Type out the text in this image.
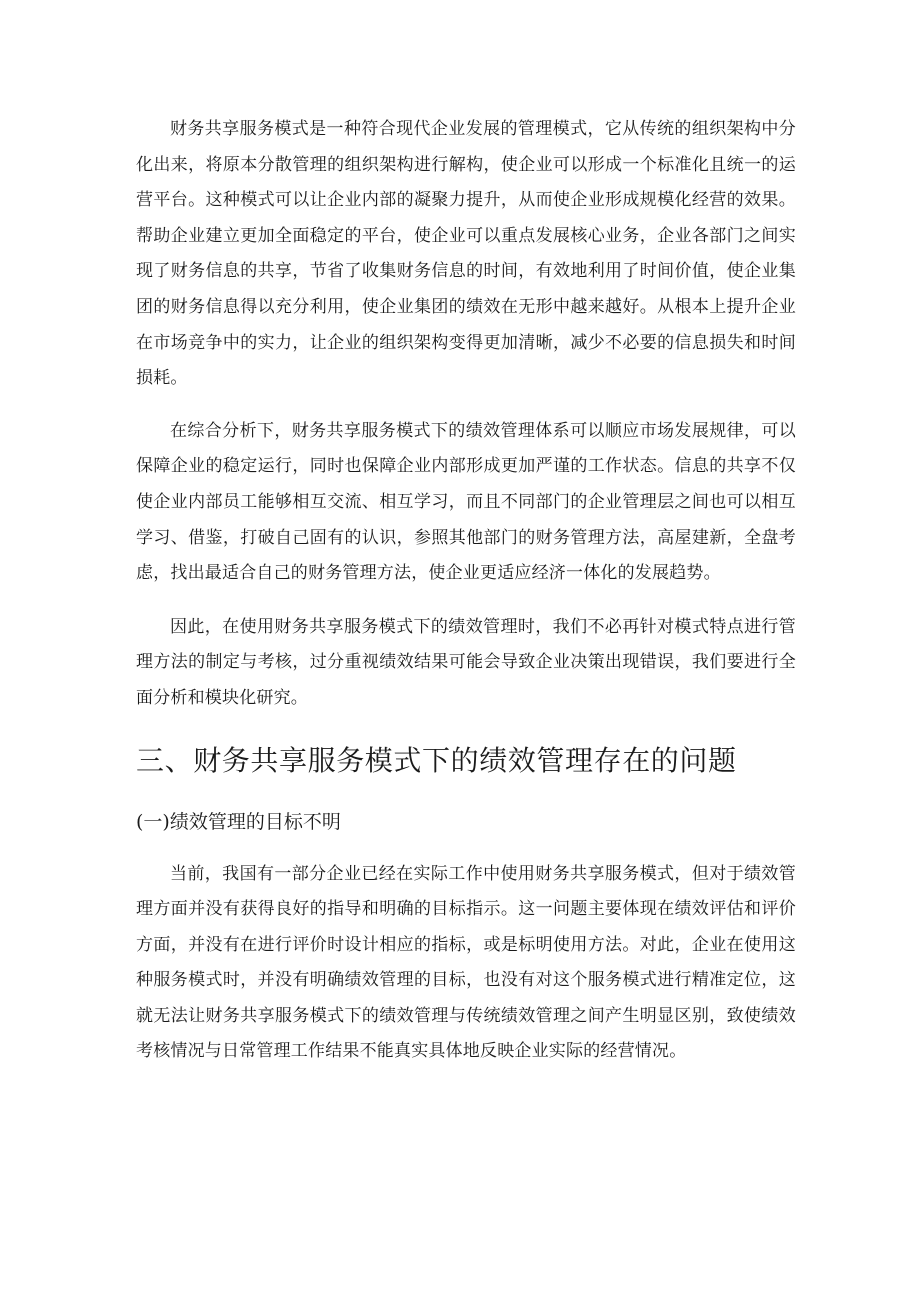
财务共享服务模式是一种符合现代企业发展的管理模式，它从传统的组织架构中分化出来，将原本分散管理的组织架构进行解构，使企业可以形成一个标准化且统一的运营平台。这种模式可以让企业内部的凝聚力提升，从而使企业形成规模化经营的效果。帮助企业建立更加全面稳定的平台，使企业可以重点发展核心业务，企业各部门之间实现了财务信息的共享，节省了收集财务信息的时间，有效地利用了时间价值，使企业集团的财务信息得以充分利用，使企业集团的绩效在无形中越来越好。从根本上提升企业在市场竞争中的实力，让企业的组织架构变得更加清晰，减少不必要的信息损失和时间损耗。

在综合分析下，财务共享服务模式下的绩效管理体系可以顺应市场发展规律，可以保障企业的稳定运行，同时也保障企业内部形成更加严谨的工作状态。信息的共享不仅使企业内部员工能够相互交流、相互学习，而且不同部门的企业管理层之间也可以相互学习、借鉴，打破自己固有的认识，参照其他部门的财务管理方法，高屋建新，全盘考虑，找出最适合自己的财务管理方法，使企业更适应经济一体化的发展趋势。

因此，在使用财务共享服务模式下的绩效管理时，我们不必再针对模式特点进行管理方法的制定与考核，过分重视绩效结果可能会导致企业决策出现错误，我们要进行全面分析和模块化研究。

三、财务共享服务模式下的绩效管理存在的问题
(一)绩效管理的目标不明

当前，我国有一部分企业已经在实际工作中使用财务共享服务模式，但对于绩效管理方面并没有获得良好的指导和明确的目标指示。这一问题主要体现在绩效评估和评价方面，并没有在进行评价时设计相应的指标，或是标明使用方法。对此，企业在使用这种服务模式时，并没有明确绩效管理的目标，也没有对这个服务模式进行精准定位，这就无法让财务共享服务模式下的绩效管理与传统绩效管理之间产生明显区别，致使绩效考核情况与日常管理工作结果不能真实具体地反映企业实际的经营情况。
